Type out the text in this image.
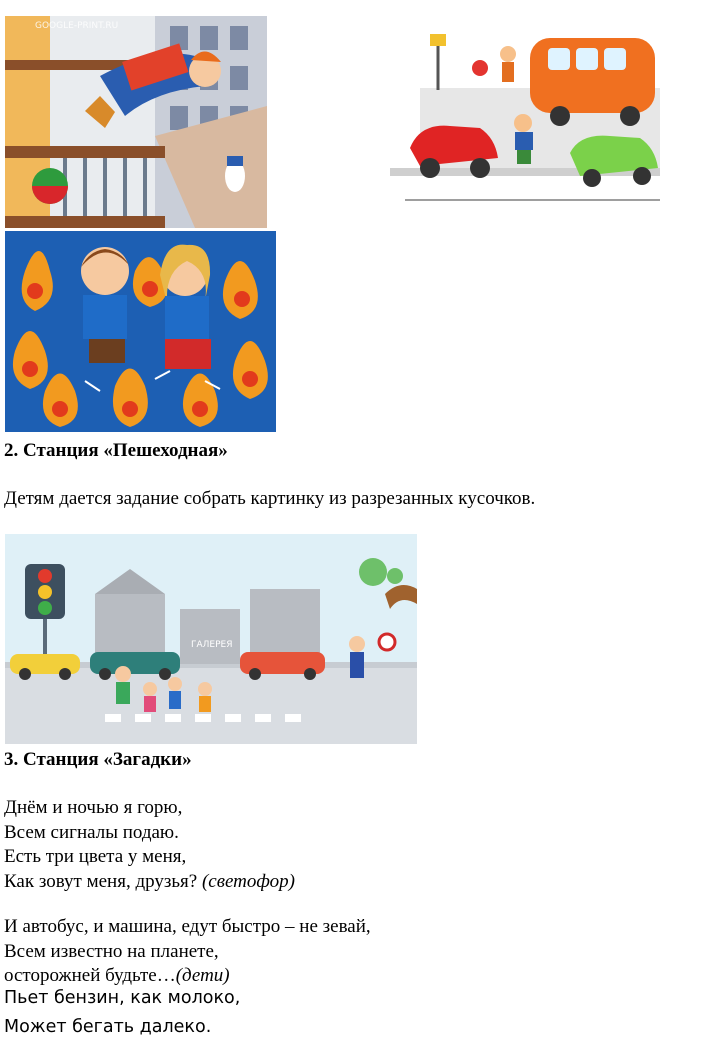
GOOGLE-PRINT.RU
2. Станция «Пешеходная»
Детям дается задание собрать картинку из разрезанных кусочков.
ГАЛЕРЕЯ
3. Станция «Загадки»
Днём и ночью я горю,
Всем сигналы подаю.
Есть три цвета у меня,
Как зовут меня, друзья? (светофор)
И автобус, и машина, едут быстро – не зевай,
Всем известно на планете,
осторожней будьте…(дети)
Пьет бензин, как молоко,
Может бегать далеко.
